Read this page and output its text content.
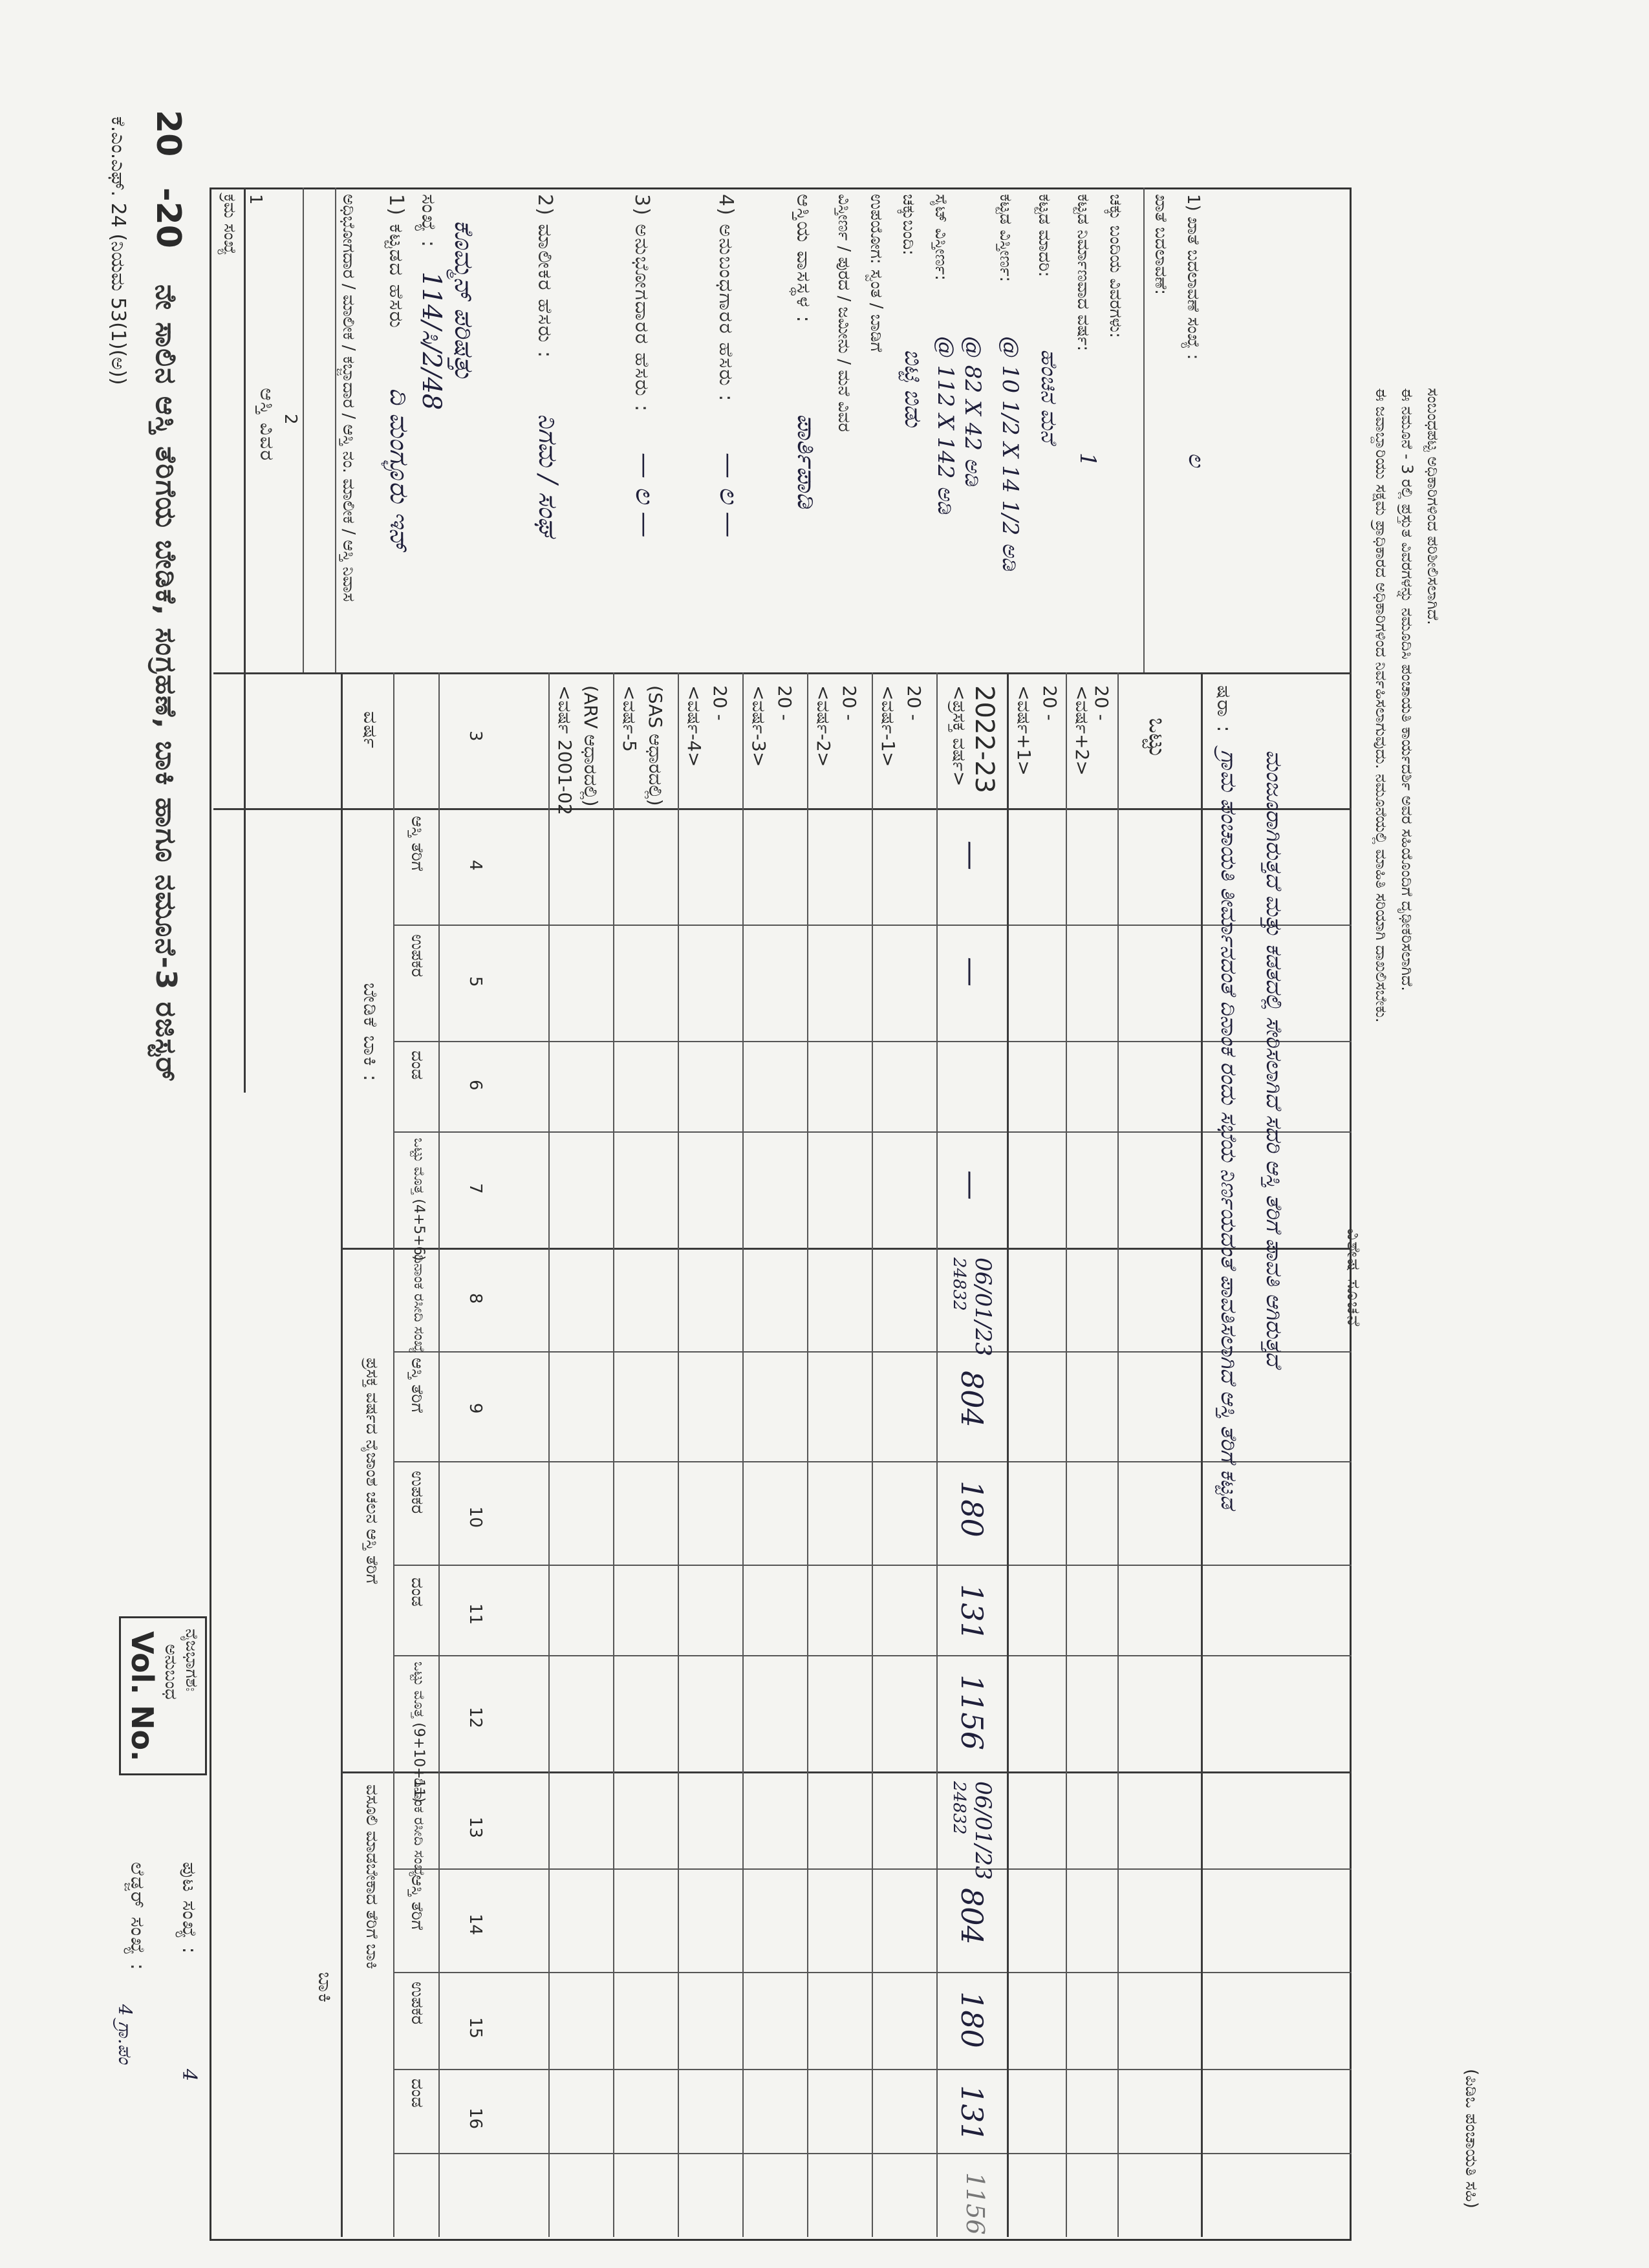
ಕೆ.ಎಂ.ಎಫ್. 24 (ನಿಯಮ 53(1)(ಅ)) 20
-20
ನೇ ಸಾಲಿನ ಆಸ್ತಿ ತೆರಿಗೆಯ ಬೇಡಿಕೆ, ಸಂಗ್ರಹಣೆ, ಬಾಕಿ ಹಾಗೂ ನಮೂನೆ-3 ರಜಿಸ್ಟರ್
ನೈಜಭಾಗಶಃ
ಅನುಬಂಧ
Vol. No.
ಲೆಡ್ಜರ್ ಸಂಖ್ಯೆ :
4 ಗ್ರಾ.ಪಂ
ಪುಟ ಸಂಖ್ಯೆ :
4
ಕ್ರಮ ಸಂಖ್ಯೆ 1
ಆಸ್ತಿ ವಿವರ 2 ಅಧಿಭೋಗದಾರ / ಮಾಲೀಕ / ಕಬ್ಜಾದಾರ / ಆಸ್ತಿ ನಂ. ಮಾಲೀಕ / ಆಸ್ತಿ ನಿವಾಸ 1) ಕಟ್ಟಡದ ಹೆಸರು
ದಿ ಮಂಗ್ಳೂರು ಇನ್
ಸಂಖ್ಯೆ :
114/ಸಿ/2/48 ಕೊಮ್ಮನ್ ಪರಿಷತ್ತು	2) ಮಾಲೀಕರ ಹೆಸರು :
ನಿಗಮ / ಸಂಘ
3) ಅನುಭೋಗದಾರರ ಹೆಸರು :
— ಲ —
4) ಅನುಬಂಧಗಾರರ ಹೆಸರು :
— ಲ —
ಆಸ್ತಿಯ ವಾಸಸ್ಥಳ :
ಪಾರ್ತಿಪಾಡಿ
ವಿಸ್ತೀರ್ಣ / ಪುರದ / ಜಮೀನು / ಮನೆ ವಿವರ ಉಪಯೋಗ: ಸ್ವಂತ / ಬಾಡಿಗೆ ಚಕ್ಕುಬಂದಿ:
ಬಿಟ್ಟಿ ಬಿಡು
ಸೈಟ್ ವಿಸ್ತೀರ್ಣ:
@ 112 X 142 ಅಡಿ @ 82 X 42 ಅಡಿ
ಕಟ್ಟಡ ವಿಸ್ತೀರ್ಣ:
@ 10 1/2 X 14 1/2 ಅಡಿ
ಕಟ್ಟಡ ಮಾದರಿ:
ಹೆಂಚಿನ ಮನೆ
ಕಟ್ಟಡ ನಿರ್ಮಾಣವಾದ ವರ್ಷ:
1
ಚಕ್ಕು ಬಂದಿಯ ವಿವರಗಳು: ಖಾತೆ ಬದಲಾವಣೆ: 1) ಖಾತೆ ಬದಲಾವಣೆ ಸಂಖ್ಯೆ :
ಲ
ವರ್ಷ
ಬೇಡಿಕೆ ಬಾಕಿ :
ಪ್ರಸಕ್ತ ವರ್ಷದ ನೈಜಾಂಶ ಚಲನ ಆಸ್ತಿ ತೆರಿಗೆ
ಬಾಕಿ
ವಸೂಲಿ ಮಾಡಬೇಕಾದ ತೆರಿಗೆ ಬಾಕಿ
ಆಸ್ತಿ ತೆರಿಗೆ
ಉಪಕರ
ದಂಡ
ಒಟ್ಟು ಮೊತ್ತ (4+5+6)
ದಿನಾಂಕ ರಸೀದಿ ಸಂಖ್ಯೆ
ಆಸ್ತಿ ತೆರಿಗೆ
ಉಪಕರ
ದಂಡ
ಒಟ್ಟು ಮೊತ್ತ (9+10+11)
ದಿನಾಂಕ ರಸೀದಿ ಸಂಖ್ಯೆ
ಆಸ್ತಿ ತೆರಿಗೆ
ಉಪಕರ
ದಂಡ
3
4
5
6
7
8
9
10
11
12
13
14
15
16
<ವರ್ಷ 2001-02 (ARV ಆಧಾರದಲ್ಲಿ) <ವರ್ಷ-5 (SAS ಆಧಾರದಲ್ಲಿ) <ವರ್ಷ-4> 20 - <ವರ್ಷ-3> 20 - <ವರ್ಷ-2> 20 - <ವರ್ಷ-1> 20 - <ಪ್ರಸಕ್ತ ವರ್ಷ> 2022-23 <ವರ್ಷ+1> 20 - <ವರ್ಷ+2>
20 -
ಒಟ್ಟು
—
—
—
24832 06/01/23
804
180
131
1156
24832 06/01/23
804
180
131
1156
ಷರಾ :
ಗ್ರಾಮ ಪಂಚಾಯತಿ ತೀರ್ಮಾನದಂತೆ ದಿನಾಂಕ ರಂದು ಸಭೆಯ ನಿರ್ಣಯದಂತೆ ಪಾವತಿಸಲಾಗಿದೆ ಆಸ್ತಿ ತೆರಿಗೆ ಕಟ್ಟಡ ಮಂಜೂರಾಗಿರುತ್ತದೆ ಮತ್ತು ಕಡತದಲ್ಲಿ ಸೇರಿಸಲಾಗಿದೆ ಸದರಿ ಆಸ್ತಿ ತೆರಿಗೆ ಪಾವತಿ ಆಗಿರುತ್ತದೆ	ವಿಶೇಷ ಸೂಚನೆ
ಈ ಜವಾಬ್ದಾರಿಯು ಸಕ್ಷಮ ಪ್ರಾಧಿಕಾರದ ಅಧಿಕಾರಿಗಳಿಂದ ನಿರ್ವಹಿಸಲಾಗುವುದು. ನಮೂನೆಯಲ್ಲಿ ಮಾಹಿತಿ ಸರಿಯಾಗಿ ದಾಖಲಿಸಬೇಕು. ಈ ನಮೂನೆ - 3 ರಲ್ಲಿ ಪ್ರಸ್ತುತ ವಿವರಗಳನ್ನು ನಮೂದಿಸಿ ಪಂಚಾಯತಿ ಕಾರ್ಯದರ್ಶಿ ಅವರ ಸಹಿಯೊಂದಿಗೆ ದೃಢೀಕರಿಸಲಾಗಿದೆ. ಸಂಬಂಧಪಟ್ಟ ಅಧಿಕಾರಿಗಳಿಂದ ಪರಿಶೀಲಿಸಲಾಗಿದೆ.
(ಪಿಡಿಒ ಪಂಚಾಯತಿ ಸಹಿ)
